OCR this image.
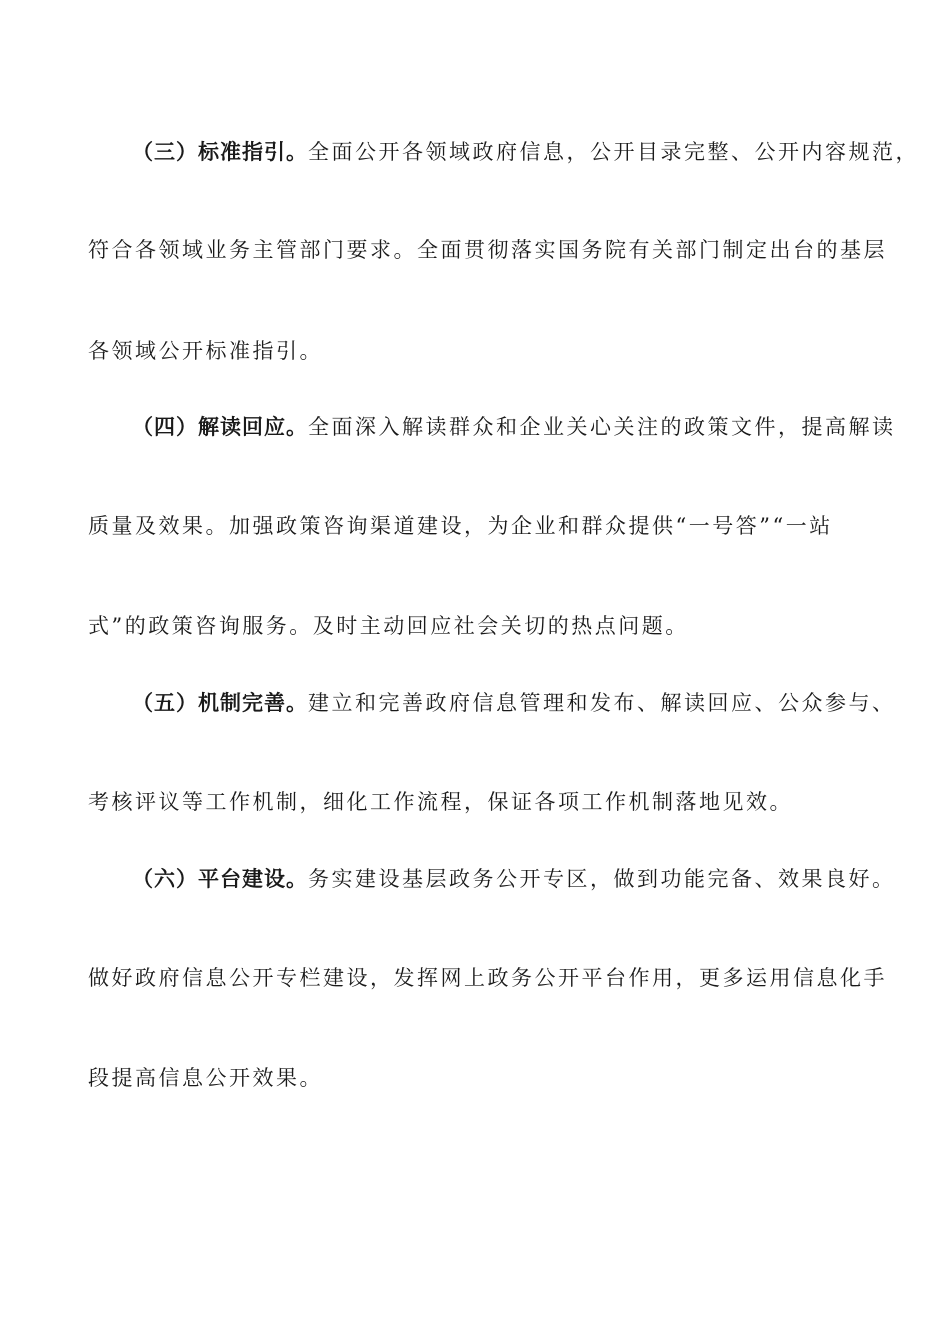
（三）标准指引。全面公开各领域政府信息，公开目录完整、公开内容规范，
符合各领域业务主管部门要求。全面贯彻落实国务院有关部门制定出台的基层
各领域公开标准指引。
（四）解读回应。全面深入解读群众和企业关心关注的政策文件，提高解读
质量及效果。加强政策咨询渠道建设，为企业和群众提供“一号答”“一站
式”的政策咨询服务。及时主动回应社会关切的热点问题。
（五）机制完善。建立和完善政府信息管理和发布、解读回应、公众参与、
考核评议等工作机制，细化工作流程，保证各项工作机制落地见效。
（六）平台建设。务实建设基层政务公开专区，做到功能完备、效果良好。
做好政府信息公开专栏建设，发挥网上政务公开平台作用，更多运用信息化手
段提高信息公开效果。
